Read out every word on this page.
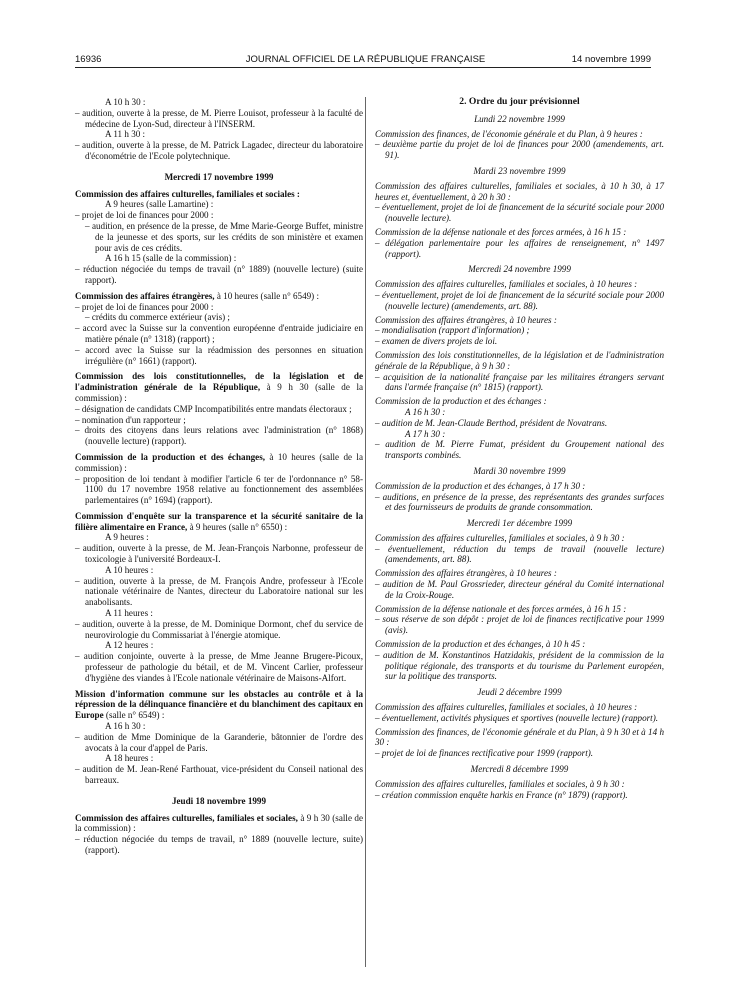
16936	JOURNAL OFFICIEL DE LA RÉPUBLIQUE FRANÇAISE	14 novembre 1999

A 10 h 30 :

– audition, ouverte à la presse, de M. Pierre Louisot, professeur à la faculté de médecine de Lyon-Sud, directeur à l'INSERM.

A 11 h 30 :

– audition, ouverte à la presse, de M. Patrick Lagadec, directeur du laboratoire d'économétrie de l'Ecole polytechnique.

Mercredi 17 novembre 1999

Commission des affaires culturelles, familiales et sociales :

A 9 heures (salle Lamartine) :

– projet de loi de finances pour 2000 :

– audition, en présence de la presse, de Mme Marie-George Buffet, ministre de la jeunesse et des sports, sur les crédits de son ministère et examen pour avis de ces crédits.

A 16 h 15 (salle de la commission) :

– réduction négociée du temps de travail (n° 1889) (nouvelle lecture) (suite rapport).

Commission des affaires étrangères, à 10 heures (salle n° 6549) :

– projet de loi de finances pour 2000 :

– crédits du commerce extérieur (avis) ;

– accord avec la Suisse sur la convention européenne d'entraide judiciaire en matière pénale (n° 1318) (rapport) ;

– accord avec la Suisse sur la réadmission des personnes en situation irrégulière (n° 1661) (rapport).

Commission des lois constitutionnelles, de la législation et de l'administration générale de la République, à 9 h 30 (salle de la commission) :

– désignation de candidats CMP Incompatibilités entre mandats électoraux ;

– nomination d'un rapporteur ;

– droits des citoyens dans leurs relations avec l'administration (n° 1868) (nouvelle lecture) (rapport).

Commission de la production et des échanges, à 10 heures (salle de la commission) :

– proposition de loi tendant à modifier l'article 6 ter de l'ordonnance n° 58-1100 du 17 novembre 1958 relative au fonctionnement des assemblées parlementaires (n° 1694) (rapport).

Commission d'enquête sur la transparence et la sécurité sanitaire de la filière alimentaire en France, à 9 heures (salle n° 6550) :

A 9 heures :

– audition, ouverte à la presse, de M. Jean-François Narbonne, professeur de toxicologie à l'université Bordeaux-I.

A 10 heures :

– audition, ouverte à la presse, de M. François Andre, professeur à l'Ecole nationale vétérinaire de Nantes, directeur du Laboratoire national sur les anabolisants.

A 11 heures :

– audition, ouverte à la presse, de M. Dominique Dormont, chef du service de neurovirologie du Commissariat à l'énergie atomique.

A 12 heures :

– audition conjointe, ouverte à la presse, de Mme Jeanne Brugere-Picoux, professeur de pathologie du bétail, et de M. Vincent Carlier, professeur d'hygiène des viandes à l'Ecole nationale vétérinaire de Maisons-Alfort.

Mission d'information commune sur les obstacles au contrôle et à la répression de la délinquance financière et du blanchiment des capitaux en Europe (salle n° 6549) :

A 16 h 30 :

– audition de Mme Dominique de la Garanderie, bâtonnier de l'ordre des avocats à la cour d'appel de Paris.

A 18 heures :

– audition de M. Jean-René Farthouat, vice-président du Conseil national des barreaux.

Jeudi 18 novembre 1999

Commission des affaires culturelles, familiales et sociales, à 9 h 30 (salle de la commission) :

– réduction négociée du temps de travail, n° 1889 (nouvelle lecture, suite) (rapport).

2. Ordre du jour prévisionnel

Lundi 22 novembre 1999

Commission des finances, de l'économie générale et du Plan, à 9 heures :

– deuxième partie du projet de loi de finances pour 2000 (amendements, art. 91).

Mardi 23 novembre 1999

Commission des affaires culturelles, familiales et sociales, à 10 h 30, à 17 heures et, éventuellement, à 20 h 30 :

– éventuellement, projet de loi de financement de la sécurité sociale pour 2000 (nouvelle lecture).

Commission de la défense nationale et des forces armées, à 16 h 15 :

– délégation parlementaire pour les affaires de renseignement, n° 1497 (rapport).

Mercredi 24 novembre 1999

Commission des affaires culturelles, familiales et sociales, à 10 heures :

– éventuellement, projet de loi de financement de la sécurité sociale pour 2000 (nouvelle lecture) (amendements, art. 88).

Commission des affaires étrangères, à 10 heures :

– mondialisation (rapport d'information) ;

– examen de divers projets de loi.

Commission des lois constitutionnelles, de la législation et de l'administration générale de la République, à 9 h 30 :

– acquisition de la nationalité française par les militaires étrangers servant dans l'armée française (n° 1815) (rapport).

Commission de la production et des échanges :

A 16 h 30 :

– audition de M. Jean-Claude Berthod, président de Novatrans.

A 17 h 30 :

– audition de M. Pierre Fumat, président du Groupement national des transports combinés.

Mardi 30 novembre 1999

Commission de la production et des échanges, à 17 h 30 :

– auditions, en présence de la presse, des représentants des grandes surfaces et des fournisseurs de produits de grande consommation.

Mercredi 1er décembre 1999

Commission des affaires culturelles, familiales et sociales, à 9 h 30 :

– éventuellement, réduction du temps de travail (nouvelle lecture) (amendements, art. 88).

Commission des affaires étrangères, à 10 heures :

– audition de M. Paul Grossrieder, directeur général du Comité international de la Croix-Rouge.

Commission de la défense nationale et des forces armées, à 16 h 15 :

– sous réserve de son dépôt : projet de loi de finances rectificative pour 1999 (avis).

Commission de la production et des échanges, à 10 h 45 :

– audition de M. Konstantinos Hatzidakis, président de la commission de la politique régionale, des transports et du tourisme du Parlement européen, sur la politique des transports.

Jeudi 2 décembre 1999

Commission des affaires culturelles, familiales et sociales, à 10 heures :

– éventuellement, activités physiques et sportives (nouvelle lecture) (rapport).

Commission des finances, de l'économie générale et du Plan, à 9 h 30 et à 14 h 30 :

– projet de loi de finances rectificative pour 1999 (rapport).

Mercredi 8 décembre 1999

Commission des affaires culturelles, familiales et sociales, à 9 h 30 :

– création commission enquête harkis en France (n° 1879) (rapport).
